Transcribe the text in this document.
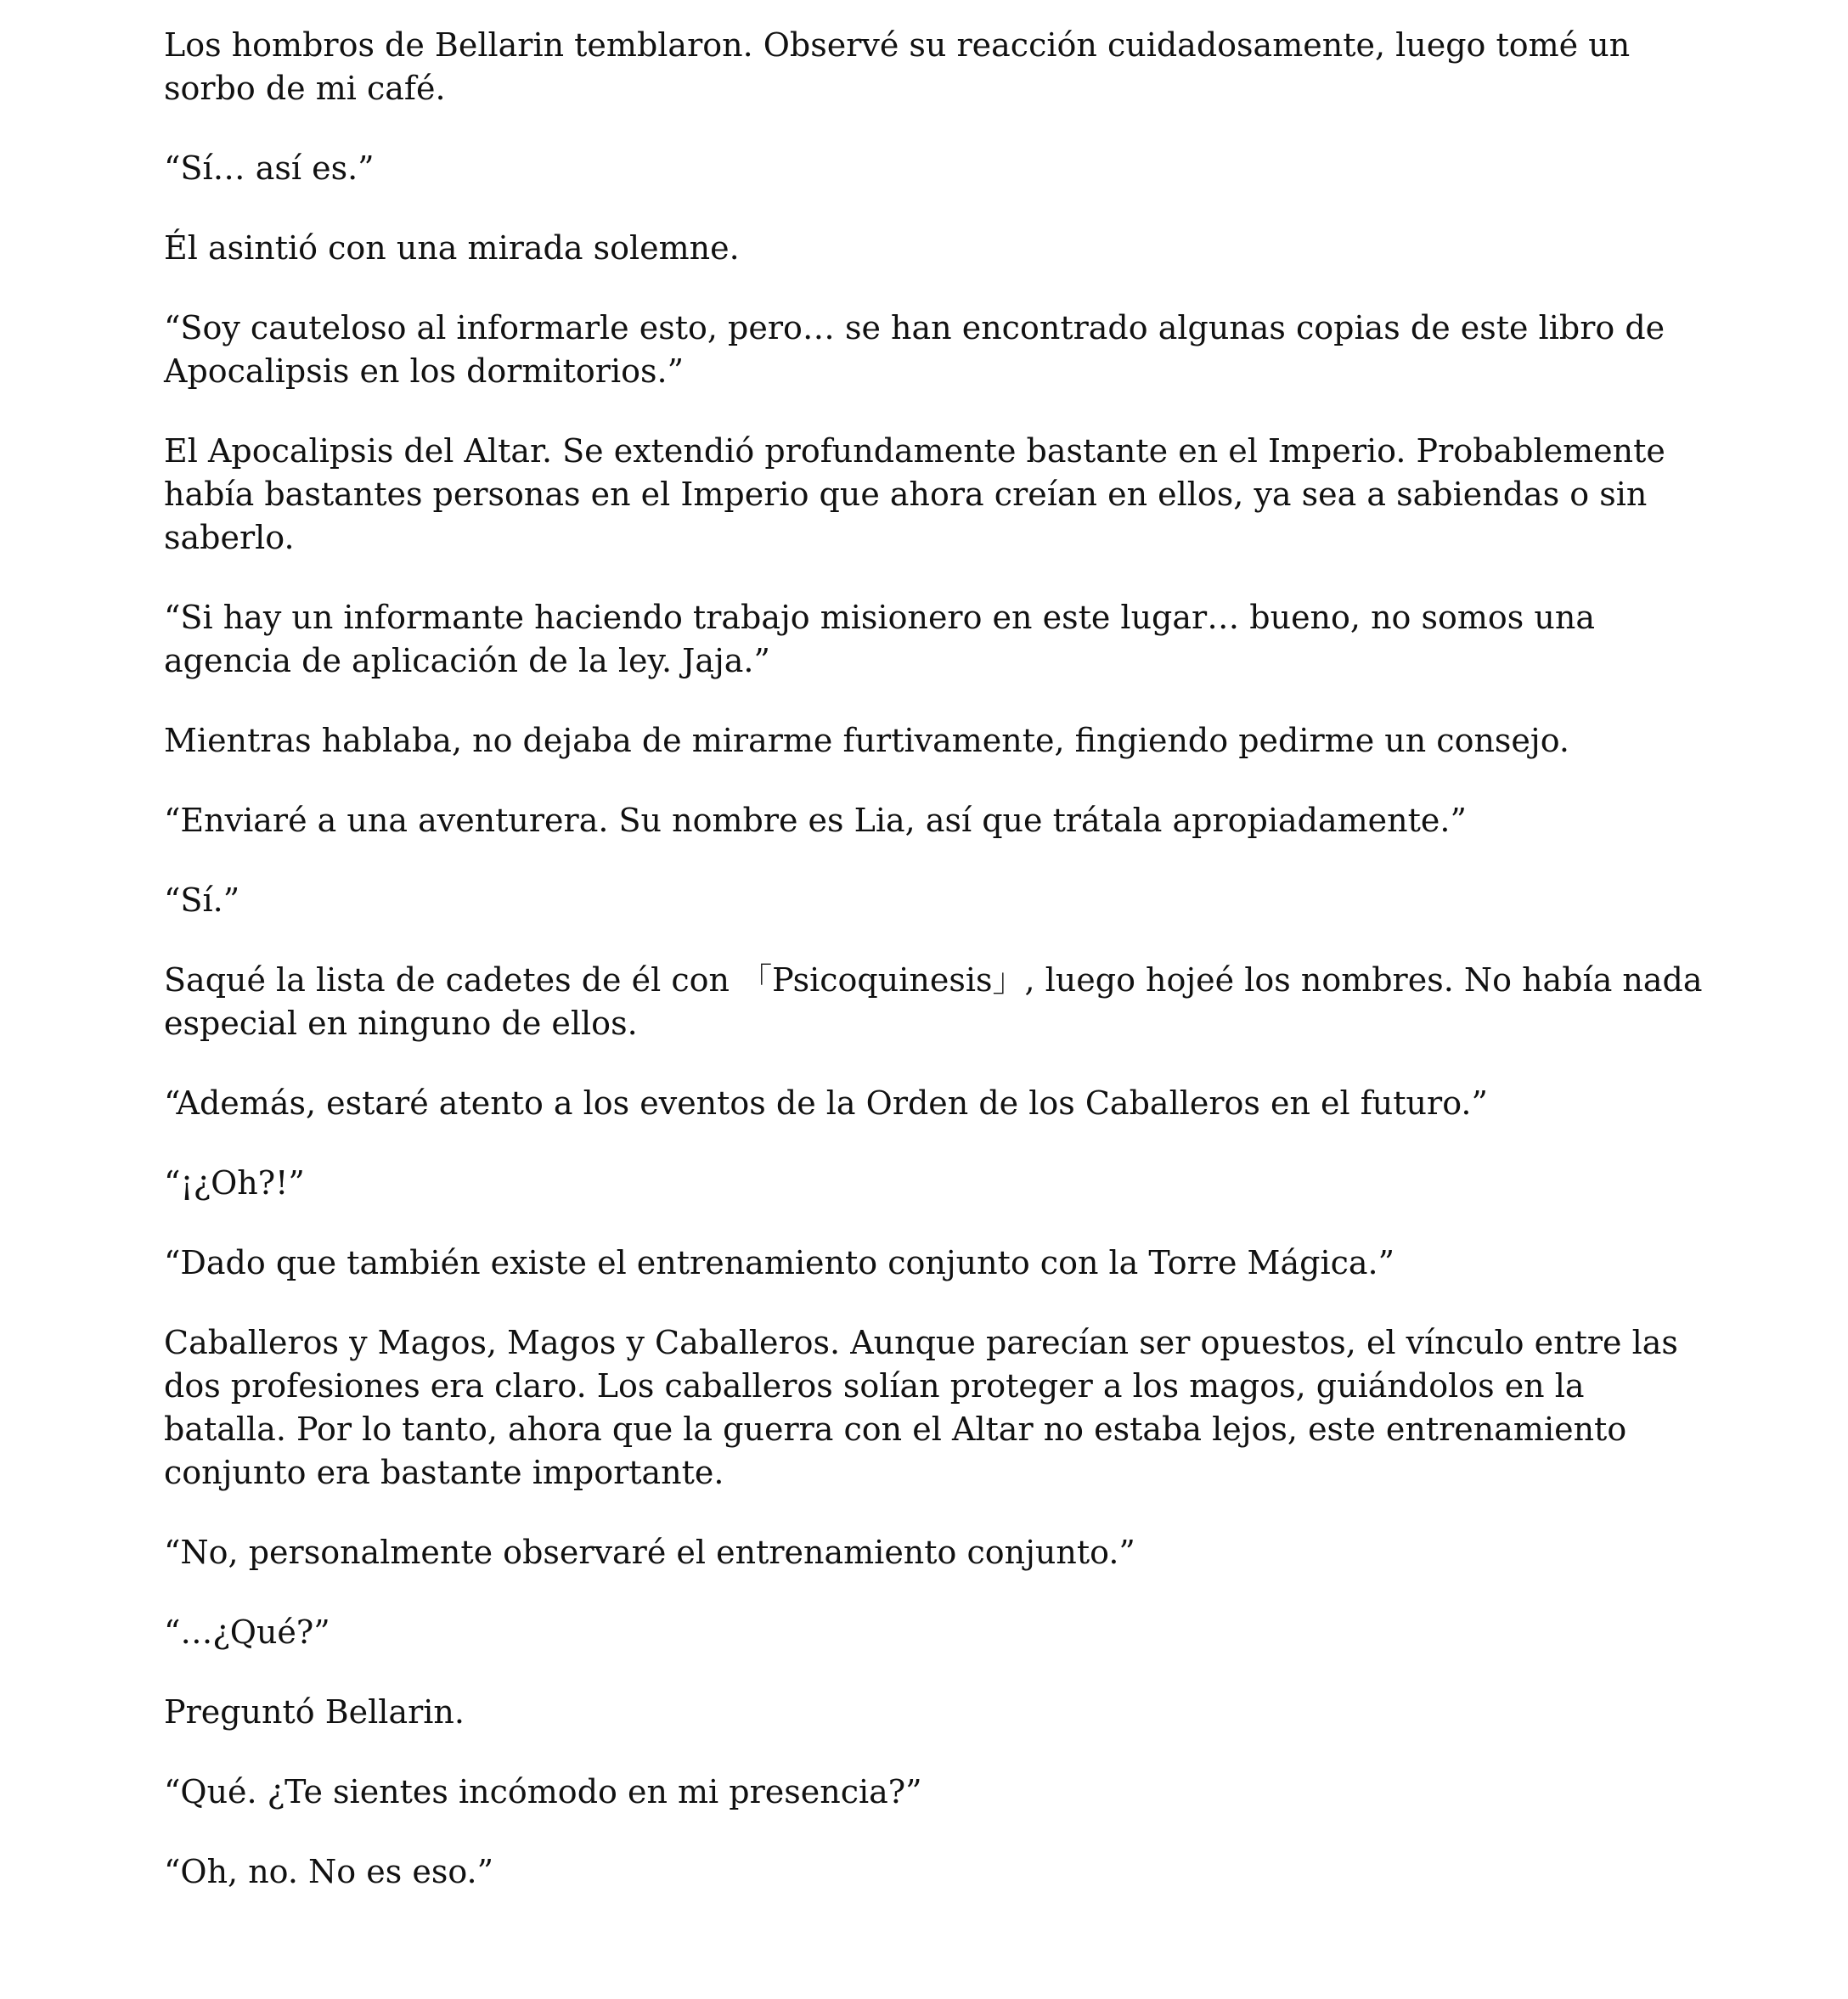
Los hombros de Bellarin temblaron. Observé su reacción cuidadosamente, luego tomé un sorbo de mi café.

“Sí… así es.”

Él asintió con una mirada solemne.

“Soy cauteloso al informarle esto, pero… se han encontrado algunas copias de este libro de Apocalipsis en los dormitorios.”

El Apocalipsis del Altar. Se extendió profundamente bastante en el Imperio. Probablemente había bastantes personas en el Imperio que ahora creían en ellos, ya sea a sabiendas o sin saberlo.

“Si hay un informante haciendo trabajo misionero en este lugar… bueno, no somos una agencia de aplicación de la ley. Jaja.”

Mientras hablaba, no dejaba de mirarme furtivamente, fingiendo pedirme un consejo.

“Enviaré a una aventurera. Su nombre es Lia, así que trátala apropiadamente.”

“Sí.”

Saqué la lista de cadetes de él con 「Psicoquinesis」, luego hojeé los nombres. No había nada especial en ninguno de ellos.

“Además, estaré atento a los eventos de la Orden de los Caballeros en el futuro.”

“¡¿Oh?!”

“Dado que también existe el entrenamiento conjunto con la Torre Mágica.”

Caballeros y Magos, Magos y Caballeros. Aunque parecían ser opuestos, el vínculo entre las dos profesiones era claro. Los caballeros solían proteger a los magos, guiándolos en la batalla. Por lo tanto, ahora que la guerra con el Altar no estaba lejos, este entrenamiento conjunto era bastante importante.

“No, personalmente observaré el entrenamiento conjunto.”

“…¿Qué?”

Preguntó Bellarin.

“Qué. ¿Te sientes incómodo en mi presencia?”

“Oh, no. No es eso.”
